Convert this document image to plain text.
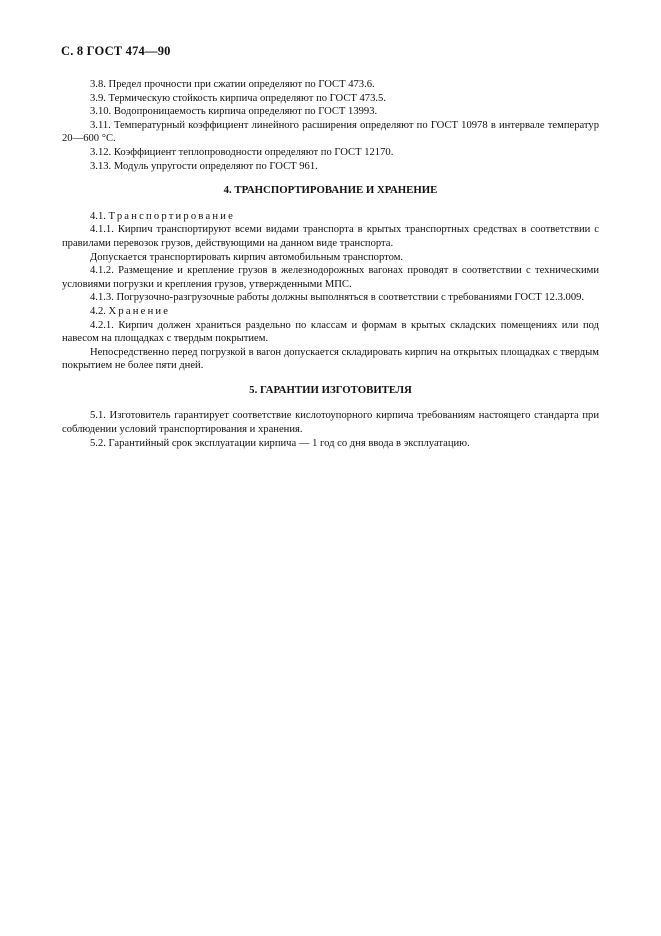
С. 8 ГОСТ 474—90

3.8. Предел прочности при сжатии определяют по ГОСТ 473.6.

3.9. Термическую стойкость кирпича определяют по ГОСТ 473.5.

3.10. Водопроницаемость кирпича определяют по ГОСТ 13993.

3.11. Температурный коэффициент линейного расширения определяют по ГОСТ 10978 в интервале температур 20—600 °С.

3.12. Коэффициент теплопроводности определяют по ГОСТ 12170.

3.13. Модуль упругости определяют по ГОСТ 961.

4. ТРАНСПОРТИРОВАНИЕ И ХРАНЕНИЕ

4.1. Транспортирование

4.1.1. Кирпич транспортируют всеми видами транспорта в крытых транспортных средствах в соответствии с правилами перевозок грузов, действующими на данном виде транспорта.

Допускается транспортировать кирпич автомобильным транспортом.

4.1.2. Размещение и крепление грузов в железнодорожных вагонах проводят в соответствии с техническими условиями погрузки и крепления грузов, утвержденными МПС.

4.1.3. Погрузочно-разгрузочные работы должны выполняться в соответствии с требованиями ГОСТ 12.3.009.

4.2. Хранение

4.2.1. Кирпич должен храниться раздельно по классам и формам в крытых складских помещениях или под навесом на площадках с твердым покрытием.

Непосредственно перед погрузкой в вагон допускается складировать кирпич на открытых площадках с твердым покрытием не более пяти дней.

5. ГАРАНТИИ ИЗГОТОВИТЕЛЯ

5.1. Изготовитель гарантирует соответствие кислотоупорного кирпича требованиям настоящего стандарта при соблюдении условий транспортирования и хранения.

5.2. Гарантийный срок эксплуатации кирпича — 1 год со дня ввода в эксплуатацию.
